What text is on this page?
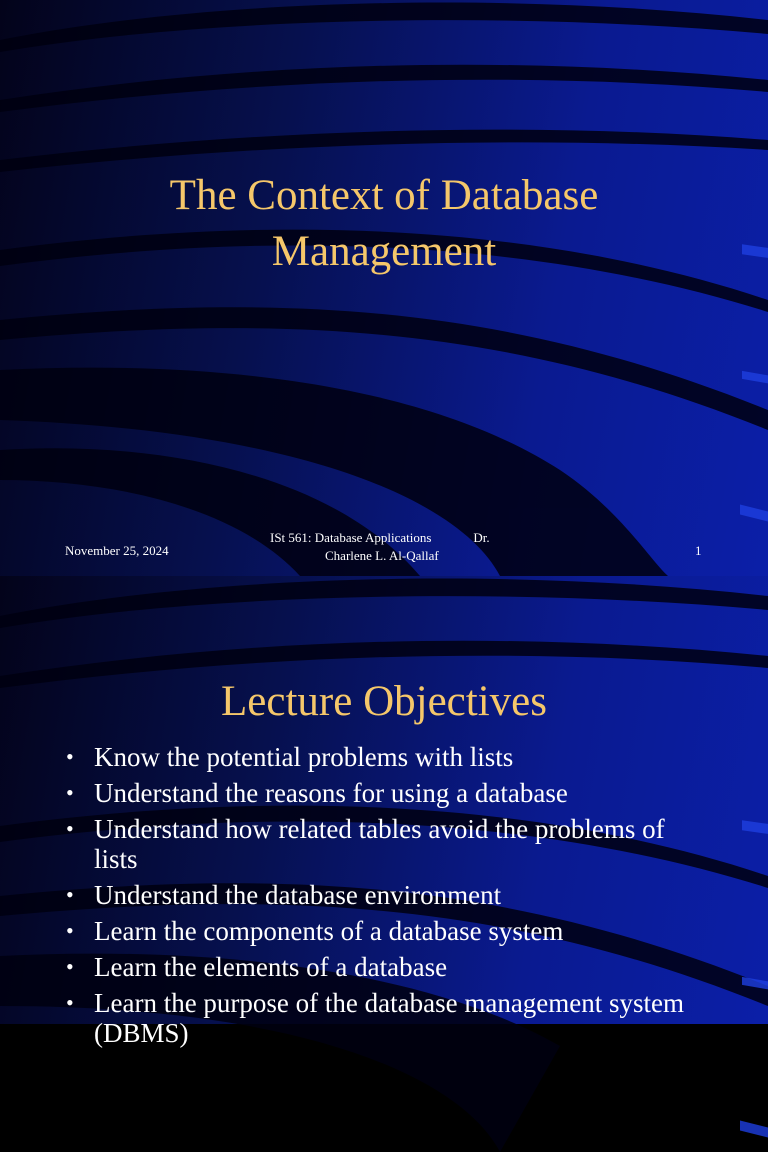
The Context of Database
Management
November 25, 2024
ISt 561: Database Applications	Dr.
Charlene L. Al-Qallaf	1
Lecture Objectives
• Know the potential problems with lists
• Understand the reasons for using a database
• Understand how related tables avoid the problems of lists
• Understand the database environment
• Learn the components of a database system
• Learn the elements of a database
• Learn the purpose of the database management system (DBMS)
